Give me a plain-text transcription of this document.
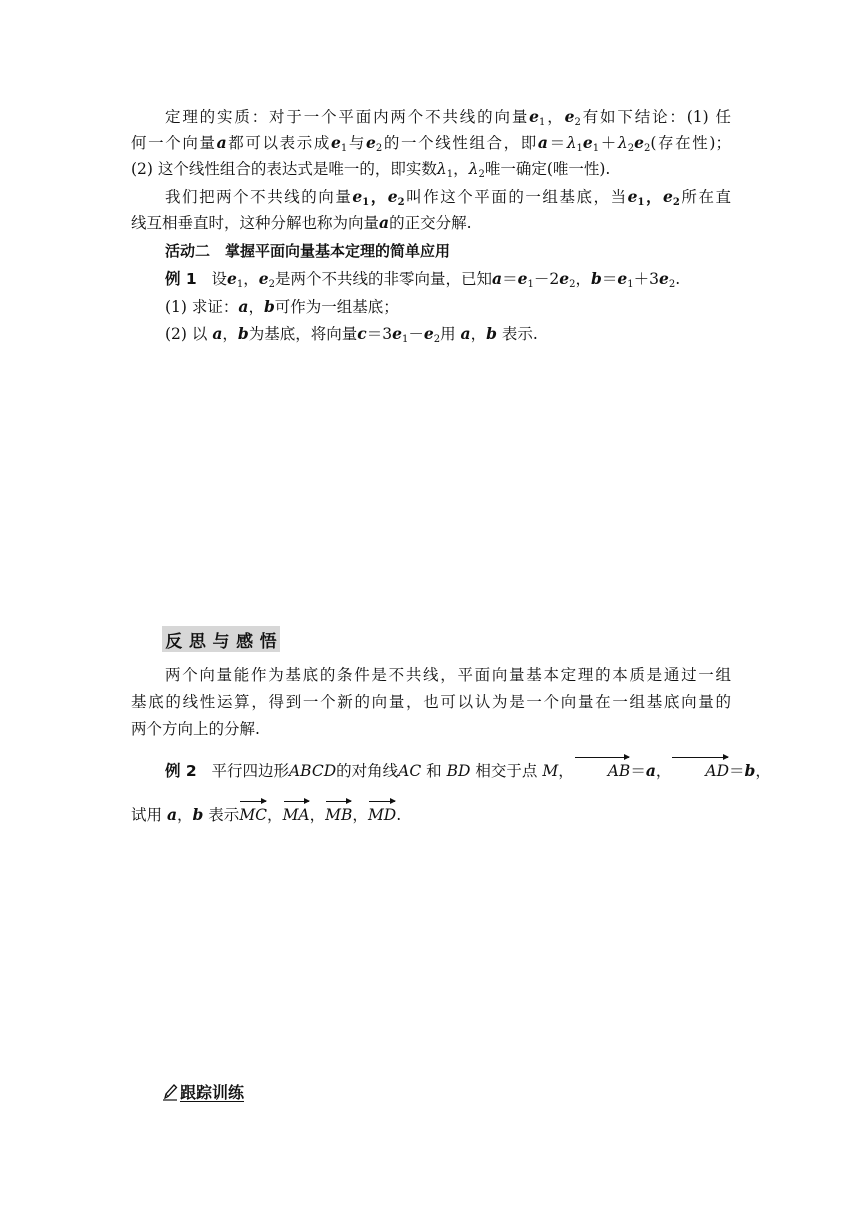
定理的实质：对于一个平面内两个不共线的向量$e_1$，$e_2$有如下结论：(1) 任
何一个向量a都可以表示成$e_1$与$e_2$的一个线性组合，即$a=\lambda_1e_1+\lambda_2e_2$(存在性)；
(2) 这个线性组合的表达式是唯一的，即实数$\lambda_1$，$\lambda_2$唯一确定(唯一性).
我们把两个不共线的向量$e_1$，$e_2$叫作这个平面的一组基底，当$e_1$，$e_2$所在直
线互相垂直时，这种分解也称为向量a的正交分解.
活动二　掌握平面向量基本定理的简单应用
例 1 设$e_1$，$e_2$是两个不共线的非零向量，已知$a=e_1-2e_2$，$b=e_1+3e_2$.
(1) 求证：a，b可作为一组基底；
(2) 以 a，b为基底，将向量$c=3e_1-e_2$用 a，b 表示.
反 思 与 感 悟
两个向量能作为基底的条件是不共线，平面向量基本定理的本质是通过一组
基底的线性运算，得到一个新的向量，也可以认为是一个向量在一组基底向量的
两个方向上的分解.
例 2 平行四边形ABCD的对角线AC 和 BD 相交于点 M， AB＝a， AD＝b，
试用 a，b 表示MC，MA，MB，MD.
跟踪训练
